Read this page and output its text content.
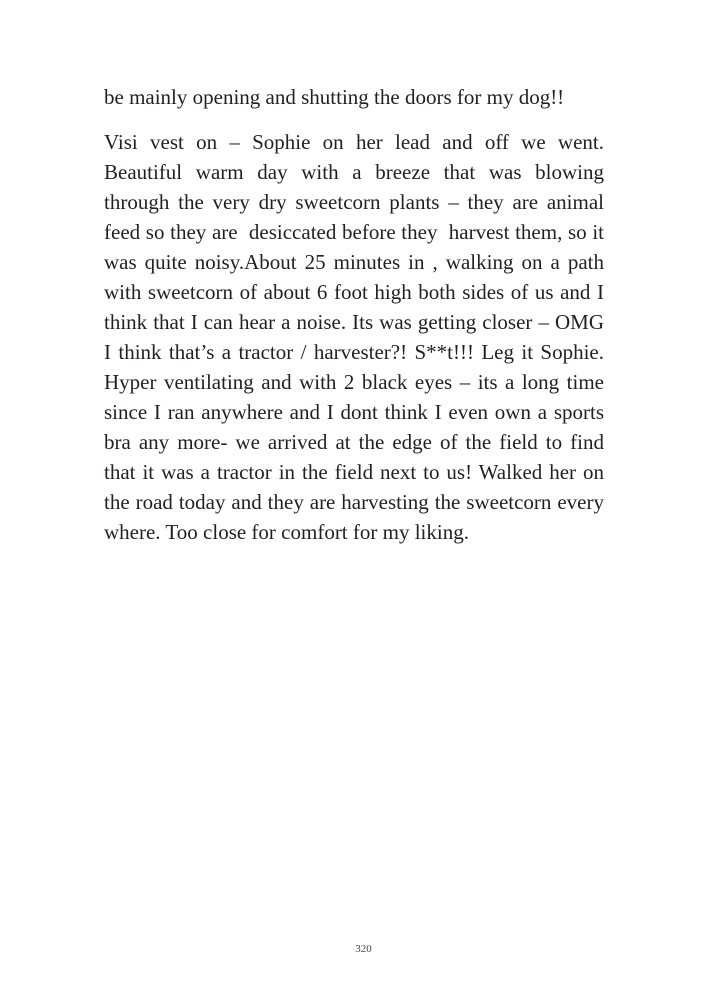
be mainly opening and shutting the doors for my dog!!

Visi vest on – Sophie on her lead and off we went. Beautiful warm day with a breeze that was blowing through the very dry sweetcorn plants – they are animal feed so they are  desiccated before they  harvest them, so it was quite noisy.About 25 minutes in , walking on a path with sweetcorn of about 6 foot high both sides of us and I think that I can hear a noise. Its was getting closer – OMG I think that’s a tractor / harvester?! S**t!!! Leg it Sophie. Hyper ventilating and with 2 black eyes – its a long time since I ran anywhere and I dont think I even own a sports bra any more- we arrived at the edge of the field to find that it was a tractor in the field next to us! Walked her on the road today and they are harvesting the sweetcorn every where. Too close for comfort for my liking.

320
